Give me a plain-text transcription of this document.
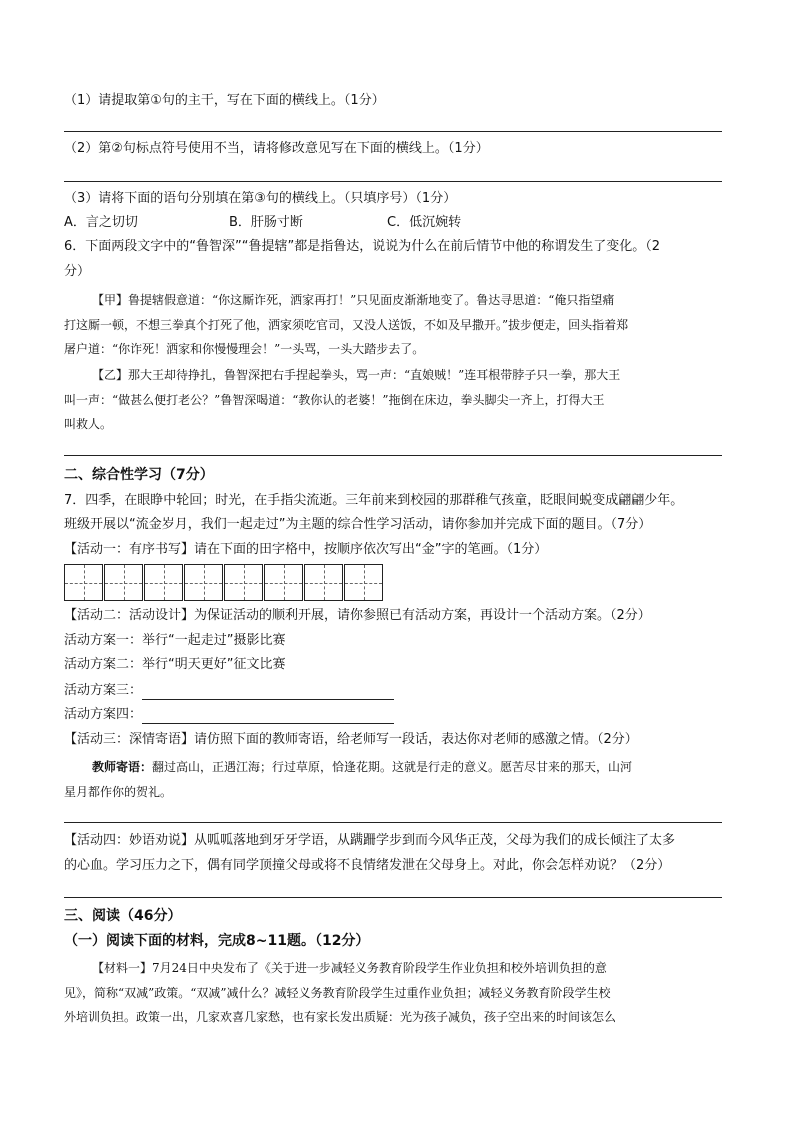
（1）请提取第①句的主干，写在下面的横线上。（1分）
（2）第②句标点符号使用不当，请将修改意见写在下面的横线上。（1分）
（3）请将下面的语句分别填在第③句的横线上。（只填序号）（1分）
A．言之切切	B．肝肠寸断	C．低沉婉转
6．下面两段文字中的“鲁智深”“鲁提辖”都是指鲁达，说说为什么在前后情节中他的称谓发生了变化。（2
分）
【甲】鲁提辖假意道：“你这厮诈死，洒家再打！”只见面皮渐渐地变了。鲁达寻思道：“俺只指望痛
打这厮一顿，不想三拳真个打死了他，洒家须吃官司，又没人送饭，不如及早撒开。”拔步便走，回头指着郑
屠户道：“你诈死！洒家和你慢慢理会！”一头骂，一头大踏步去了。
【乙】那大王却待挣扎，鲁智深把右手捏起拳头，骂一声：“直娘贼！”连耳根带脖子只一拳，那大王
叫一声：“做甚么便打老公？”鲁智深喝道：“教你认的老婆！”拖倒在床边，拳头脚尖一齐上，打得大王
叫救人。
二、综合性学习（7分）
7．四季，在眼睁中轮回；时光，在手指尖流逝。三年前来到校园的那群稚气孩童，眨眼间蜕变成翩翩少年。
班级开展以“流金岁月，我们一起走过”为主题的综合性学习活动，请你参加并完成下面的题目。（7分）
【活动一：有序书写】请在下面的田字格中，按顺序依次写出“金”字的笔画。（1分）
【活动二：活动设计】为保证活动的顺利开展，请你参照已有活动方案，再设计一个活动方案。（2分）
活动方案一：举行“一起走过”摄影比赛
活动方案二：举行“明天更好”征文比赛
活动方案三：
活动方案四：
【活动三：深情寄语】请仿照下面的教师寄语，给老师写一段话，表达你对老师的感激之情。（2分）
教师寄语：翻过高山，正遇江海；行过草原，恰逢花期。这就是行走的意义。愿苦尽甘来的那天，山河
星月都作你的贺礼。
【活动四：妙语劝说】从呱呱落地到牙牙学语，从蹒跚学步到而今风华正茂，父母为我们的成长倾注了太多
的心血。学习压力之下，偶有同学顶撞父母或将不良情绪发泄在父母身上。对此，你会怎样劝说？（2分）
三、阅读（46分）
（一）阅读下面的材料，完成8~11题。（12分）
【材料一】7月24日中央发布了《关于进一步减轻义务教育阶段学生作业负担和校外培训负担的意
见》，简称“双减”政策。“双减”减什么？减轻义务教育阶段学生过重作业负担；减轻义务教育阶段学生校
外培训负担。政策一出，几家欢喜几家愁，也有家长发出质疑：光为孩子减负，孩子空出来的时间该怎么
